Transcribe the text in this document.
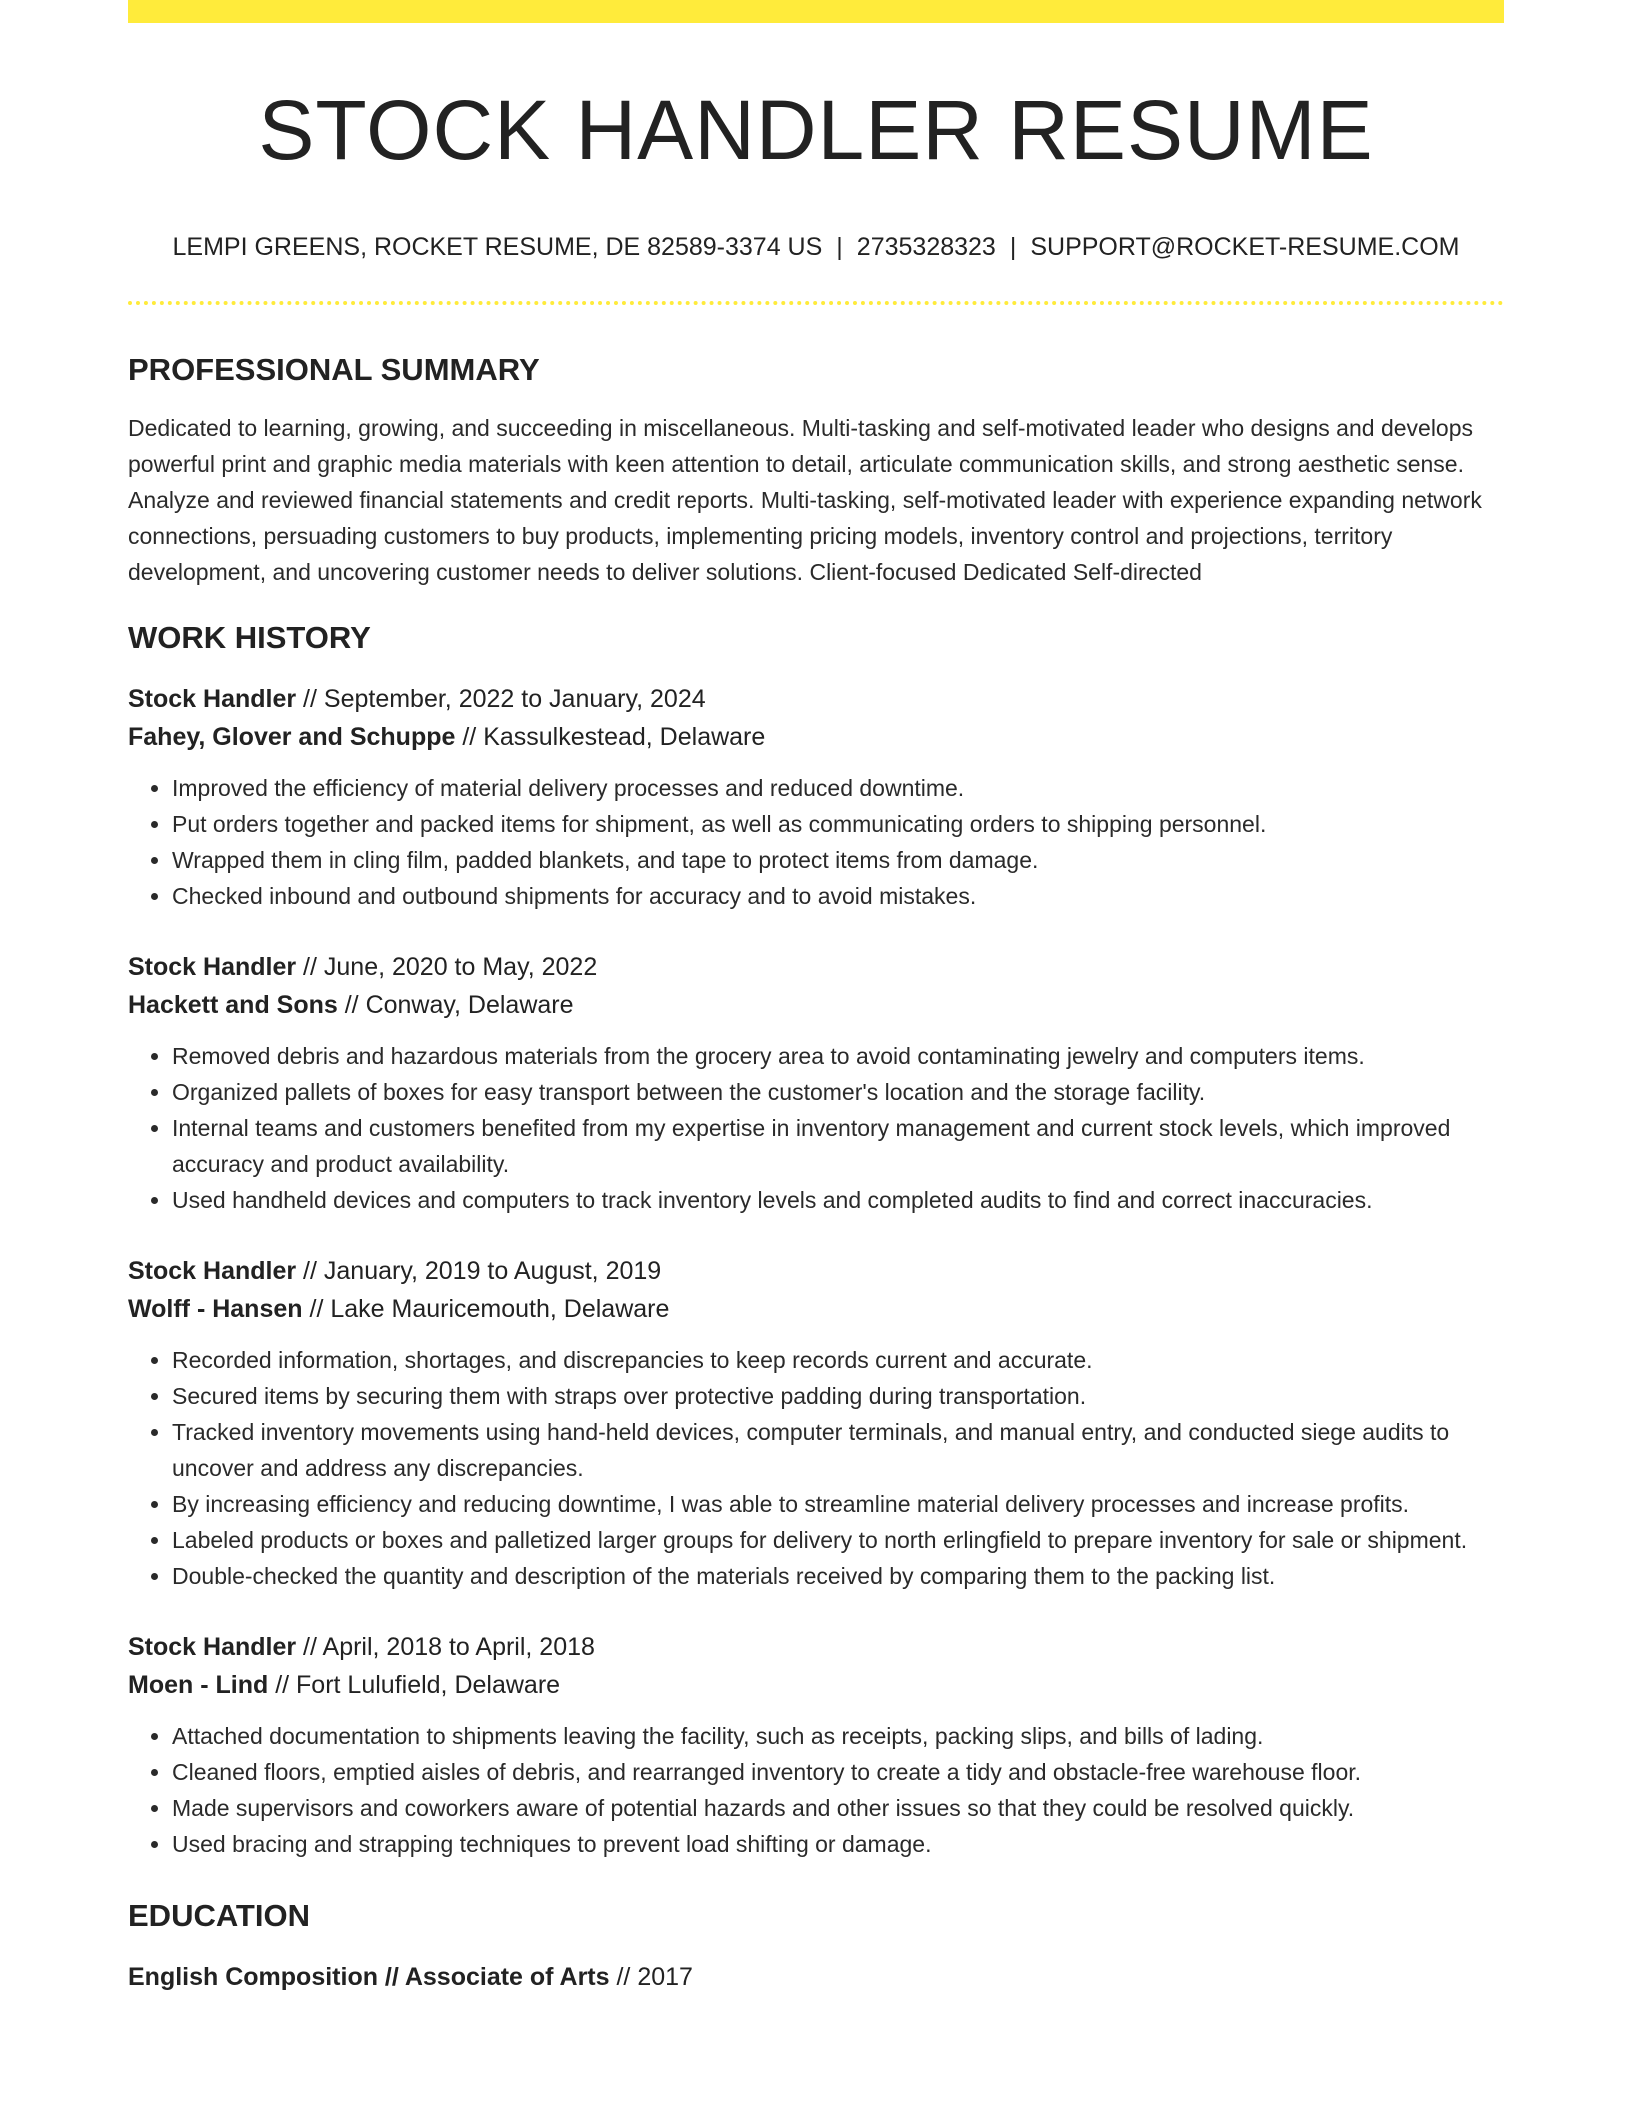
STOCK HANDLER RESUME
LEMPI GREENS, ROCKET RESUME, DE 82589-3374 US | 2735328323 | SUPPORT@ROCKET-RESUME.COM
PROFESSIONAL SUMMARY

Dedicated to learning, growing, and succeeding in miscellaneous. Multi-tasking and self-motivated leader who designs and develops powerful print and graphic media materials with keen attention to detail, articulate communication skills, and strong aesthetic sense. Analyze and reviewed financial statements and credit reports. Multi-tasking, self-motivated leader with experience expanding network connections, persuading customers to buy products, implementing pricing models, inventory control and projections, territory development, and uncovering customer needs to deliver solutions. Client-focused Dedicated Self-directed

WORK HISTORY
Stock Handler // September, 2022 to January, 2024
Fahey, Glover and Schuppe // Kassulkestead, Delaware
• Improved the efficiency of material delivery processes and reduced downtime.
• Put orders together and packed items for shipment, as well as communicating orders to shipping personnel.
• Wrapped them in cling film, padded blankets, and tape to protect items from damage.
• Checked inbound and outbound shipments for accuracy and to avoid mistakes.
Stock Handler // June, 2020 to May, 2022
Hackett and Sons // Conway, Delaware
• Removed debris and hazardous materials from the grocery area to avoid contaminating jewelry and computers items.
• Organized pallets of boxes for easy transport between the customer's location and the storage facility.
• Internal teams and customers benefited from my expertise in inventory management and current stock levels, which improved accuracy and product availability.
• Used handheld devices and computers to track inventory levels and completed audits to find and correct inaccuracies.
Stock Handler // January, 2019 to August, 2019
Wolff - Hansen // Lake Mauricemouth, Delaware
• Recorded information, shortages, and discrepancies to keep records current and accurate.
• Secured items by securing them with straps over protective padding during transportation.
• Tracked inventory movements using hand-held devices, computer terminals, and manual entry, and conducted siege audits to uncover and address any discrepancies.
• By increasing efficiency and reducing downtime, I was able to streamline material delivery processes and increase profits.
• Labeled products or boxes and palletized larger groups for delivery to north erlingfield to prepare inventory for sale or shipment.
• Double-checked the quantity and description of the materials received by comparing them to the packing list.
Stock Handler // April, 2018 to April, 2018
Moen - Lind // Fort Lulufield, Delaware
• Attached documentation to shipments leaving the facility, such as receipts, packing slips, and bills of lading.
• Cleaned floors, emptied aisles of debris, and rearranged inventory to create a tidy and obstacle-free warehouse floor.
• Made supervisors and coworkers aware of potential hazards and other issues so that they could be resolved quickly.
• Used bracing and strapping techniques to prevent load shifting or damage.
EDUCATION
English Composition // Associate of Arts // 2017
